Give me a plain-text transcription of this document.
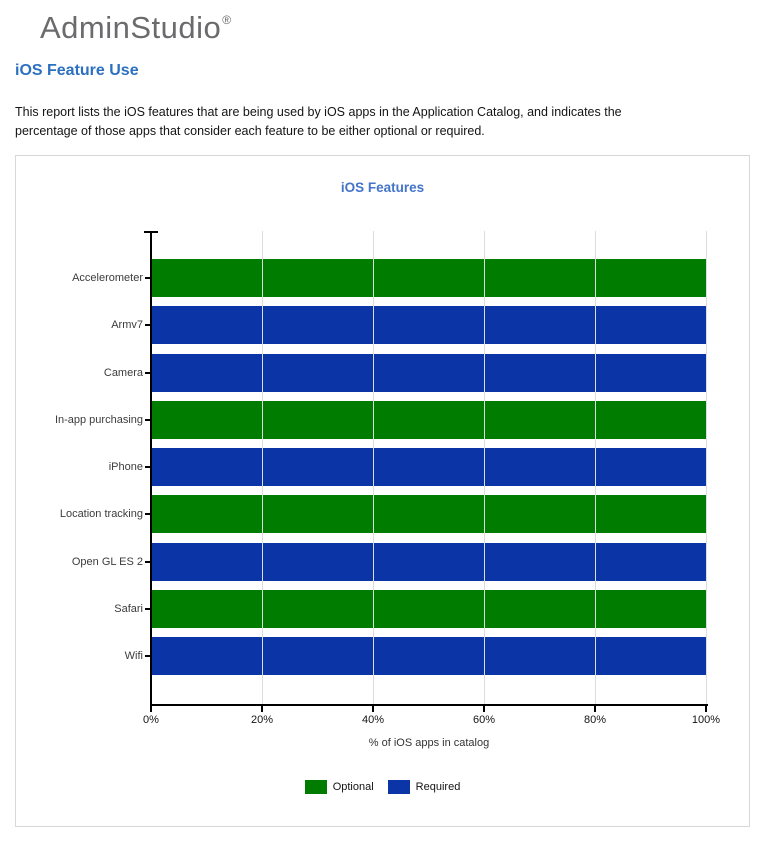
AdminStudio®
iOS Feature Use
This report lists the iOS features that are being used by iOS apps in the Application Catalog, and indicates the
percentage of those apps that consider each feature to be either optional or required.
iOS Features
Accelerometer
Armv7
Camera
In-app purchasing
iPhone
Location tracking
Open GL ES 2
Safari
Wifi
% of iOS apps in catalog
Optional	Required
0%	20%	40%	60%	80%	100%
